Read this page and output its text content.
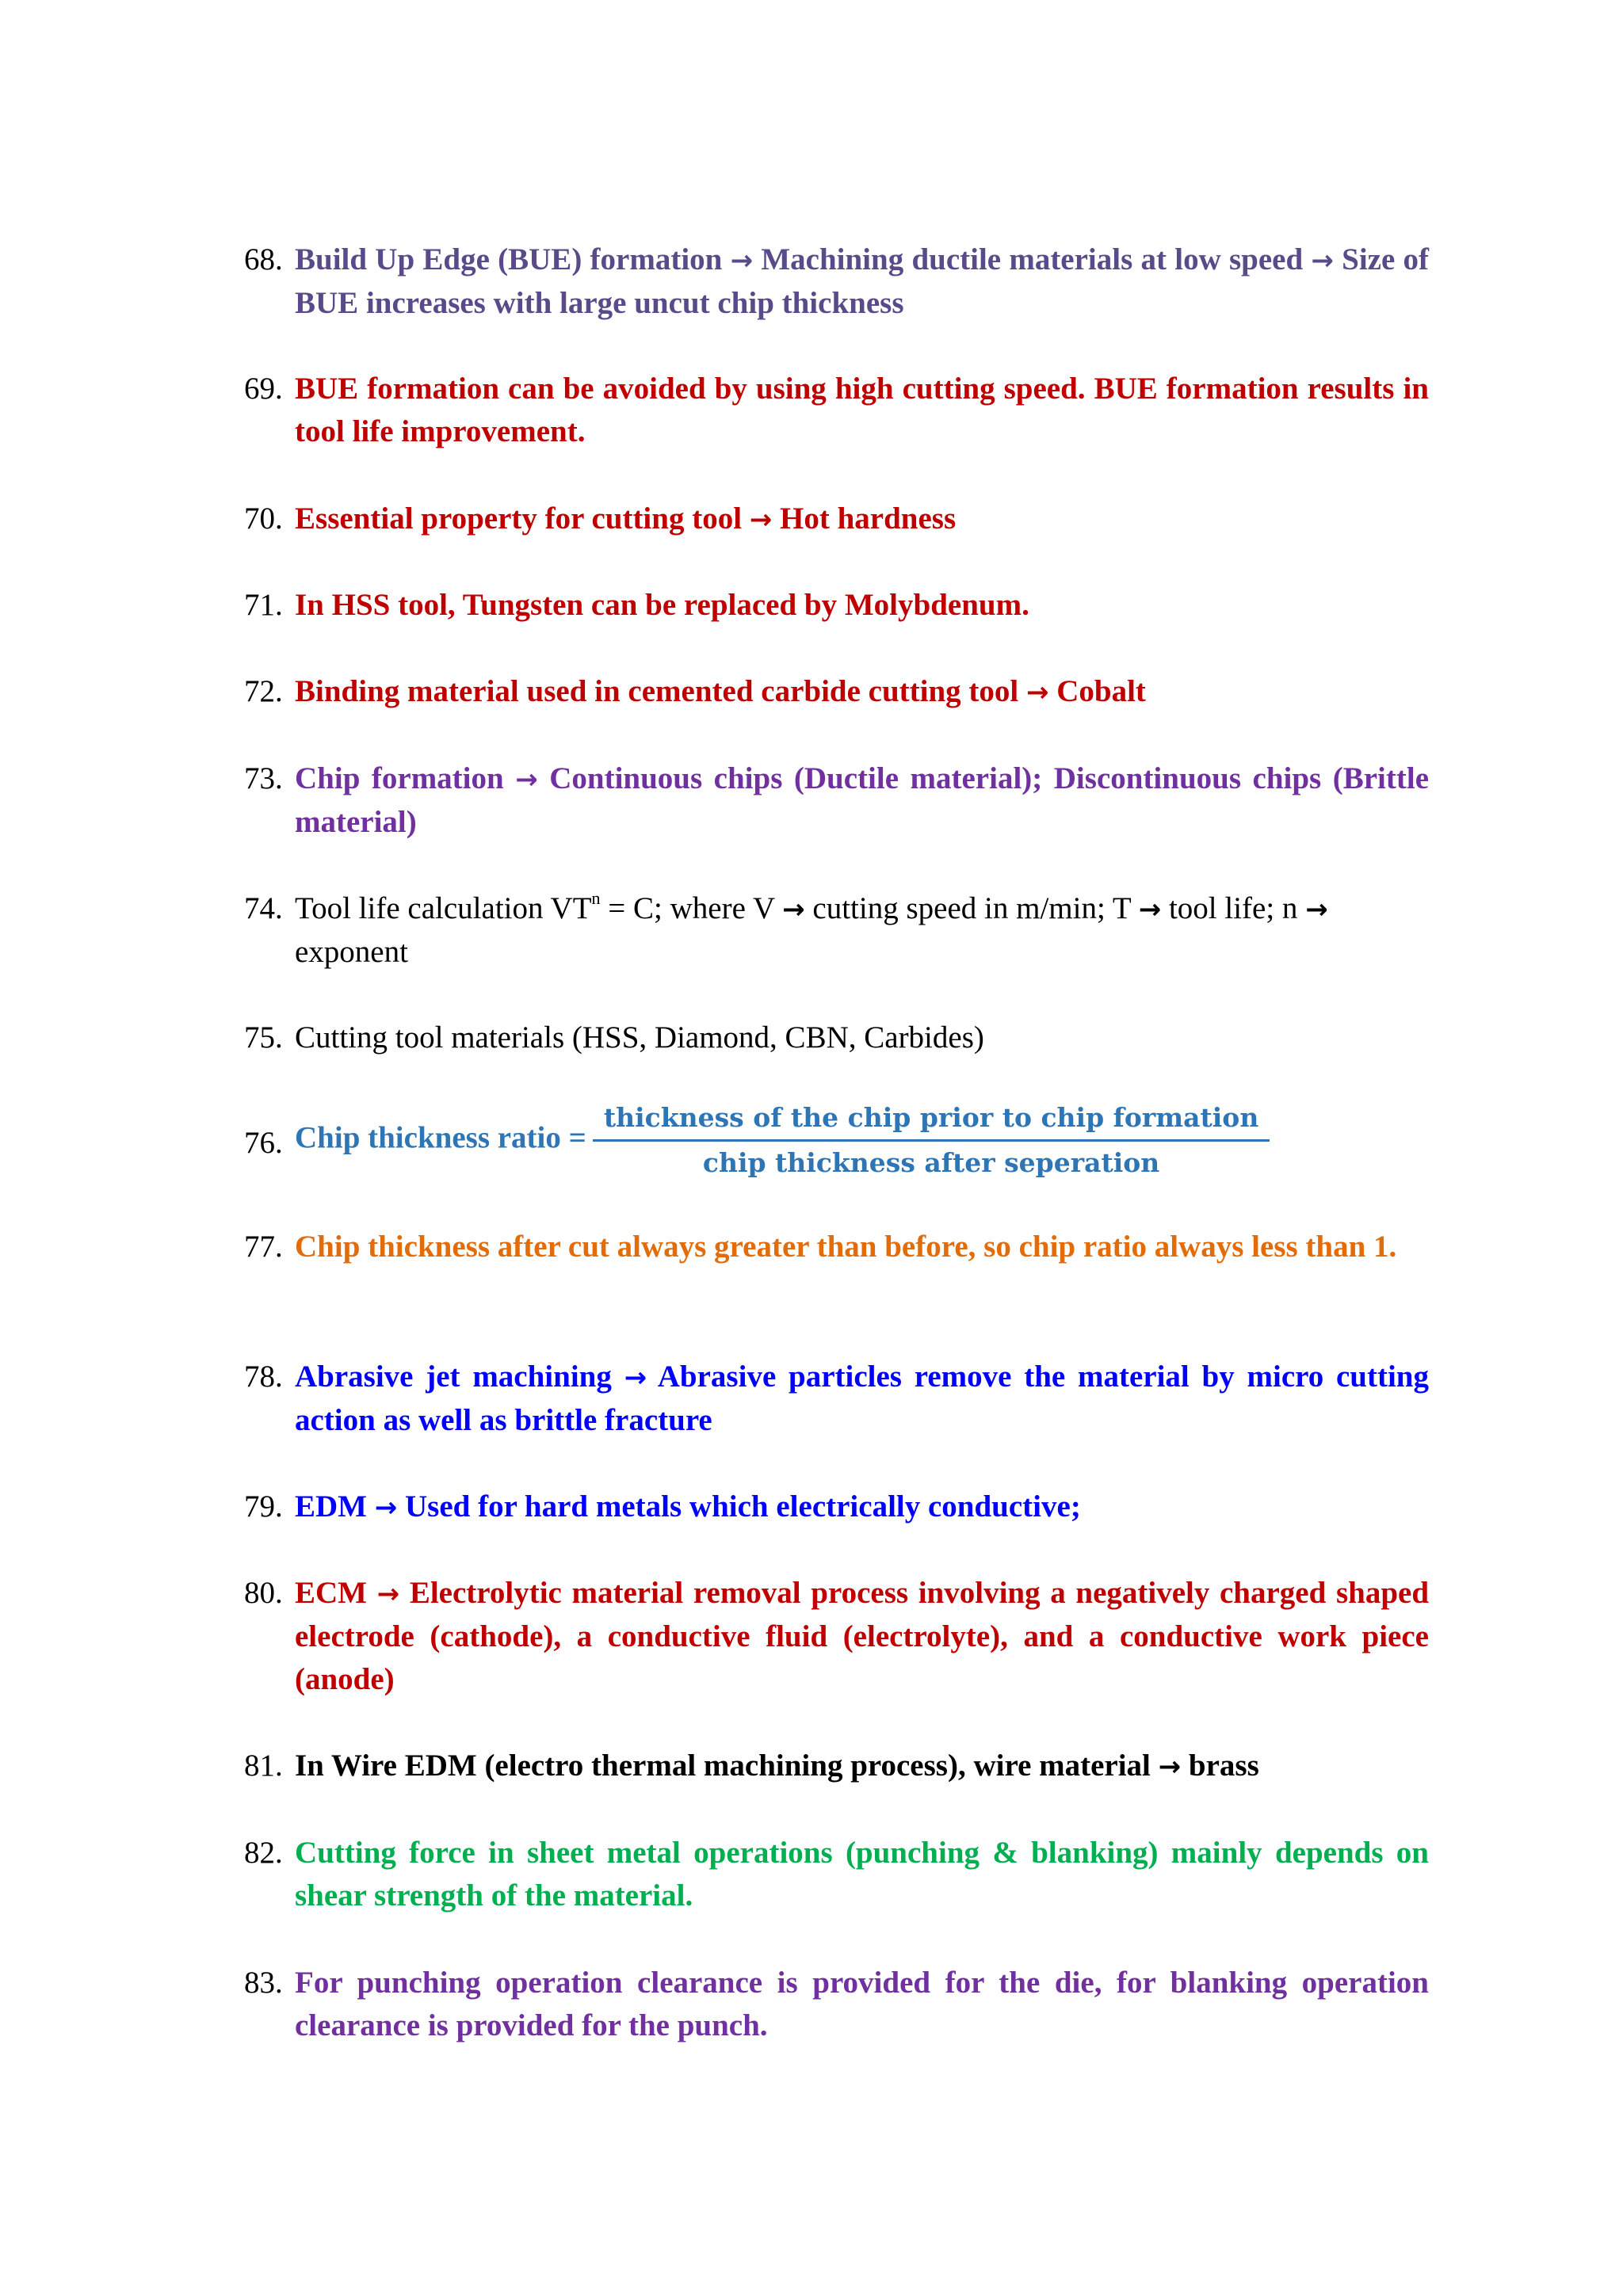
68. Build Up Edge (BUE) formation → Machining ductile materials at low speed → Size of BUE increases with large uncut chip thickness
69. BUE formation can be avoided by using high cutting speed. BUE formation results in tool life improvement.
70. Essential property for cutting tool → Hot hardness
71. In HSS tool, Tungsten can be replaced by Molybdenum.
72. Binding material used in cemented carbide cutting tool → Cobalt
73. Chip formation → Continuous chips (Ductile material); Discontinuous chips (Brittle material)
74. Tool life calculation $VT^n = C$; where V → cutting speed in m/min; T → tool life; n → exponent
75. Cutting tool materials (HSS, Diamond, CBN, Carbides)
76. Chip thickness ratio = $\frac{\text{thickness of the chip prior to chip formation}}{\text{chip thickness after seperation}}$
77. Chip thickness after cut always greater than before, so chip ratio always less than 1.
78. Abrasive jet machining → Abrasive particles remove the material by micro cutting action as well as brittle fracture
79. EDM → Used for hard metals which electrically conductive;
80. ECM → Electrolytic material removal process involving a negatively charged shaped electrode (cathode), a conductive fluid (electrolyte), and a conductive work piece (anode)
81. In Wire EDM (electro thermal machining process), wire material → brass
82. Cutting force in sheet metal operations (punching & blanking) mainly depends on shear strength of the material.
83. For punching operation clearance is provided for the die, for blanking operation clearance is provided for the punch.
